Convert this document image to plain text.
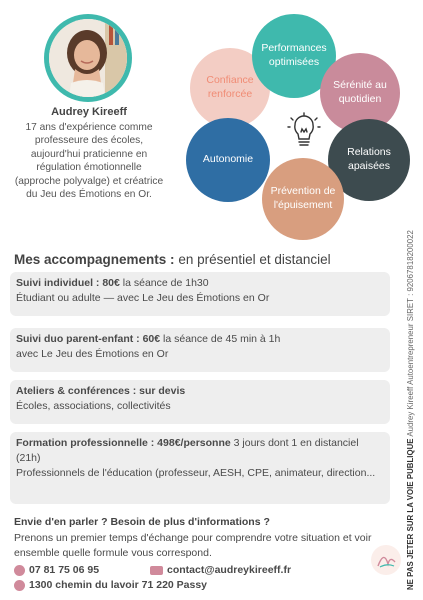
Audrey Kireeff
17 ans d'expérience comme professeure des écoles, aujourd'hui praticienne en régulation émotionnelle (approche polyvalge) et créatrice du Jeu des Émotions en Or.
Confiance renforcée
Performances optimisées
Sérénité au quotidien
Autonomie
Relations apaisées
Prévention de l'épuisement
Mes accompagnements : en présentiel et distanciel
Suivi individuel : 80€ la séance de 1h30
Étudiant ou adulte — avec Le Jeu des Émotions en Or
Suivi duo parent-enfant : 60€ la séance de 45 min à 1h
avec Le Jeu des Émotions en Or
Ateliers & conférences : sur devis
Écoles, associations, collectivités
Formation professionnelle : 498€/personne 3 jours dont 1 en distanciel (21h)
Professionnels de l'éducation (professeur, AESH, CPE, animateur, direction...
Envie d'en parler ? Besoin de plus d'informations ?
Prenons un premier temps d'échange pour comprendre votre situation et voir ensemble quelle formule vous correspond.
07 81 75 06 95	contact@audreykireeff.fr
1300 chemin du lavoir 71 220 Passy	NE PAS JETER SUR LA VOIE PUBLIQUE Audrey Kireeff Autoentrepreneur SIRET : 92067818200022
